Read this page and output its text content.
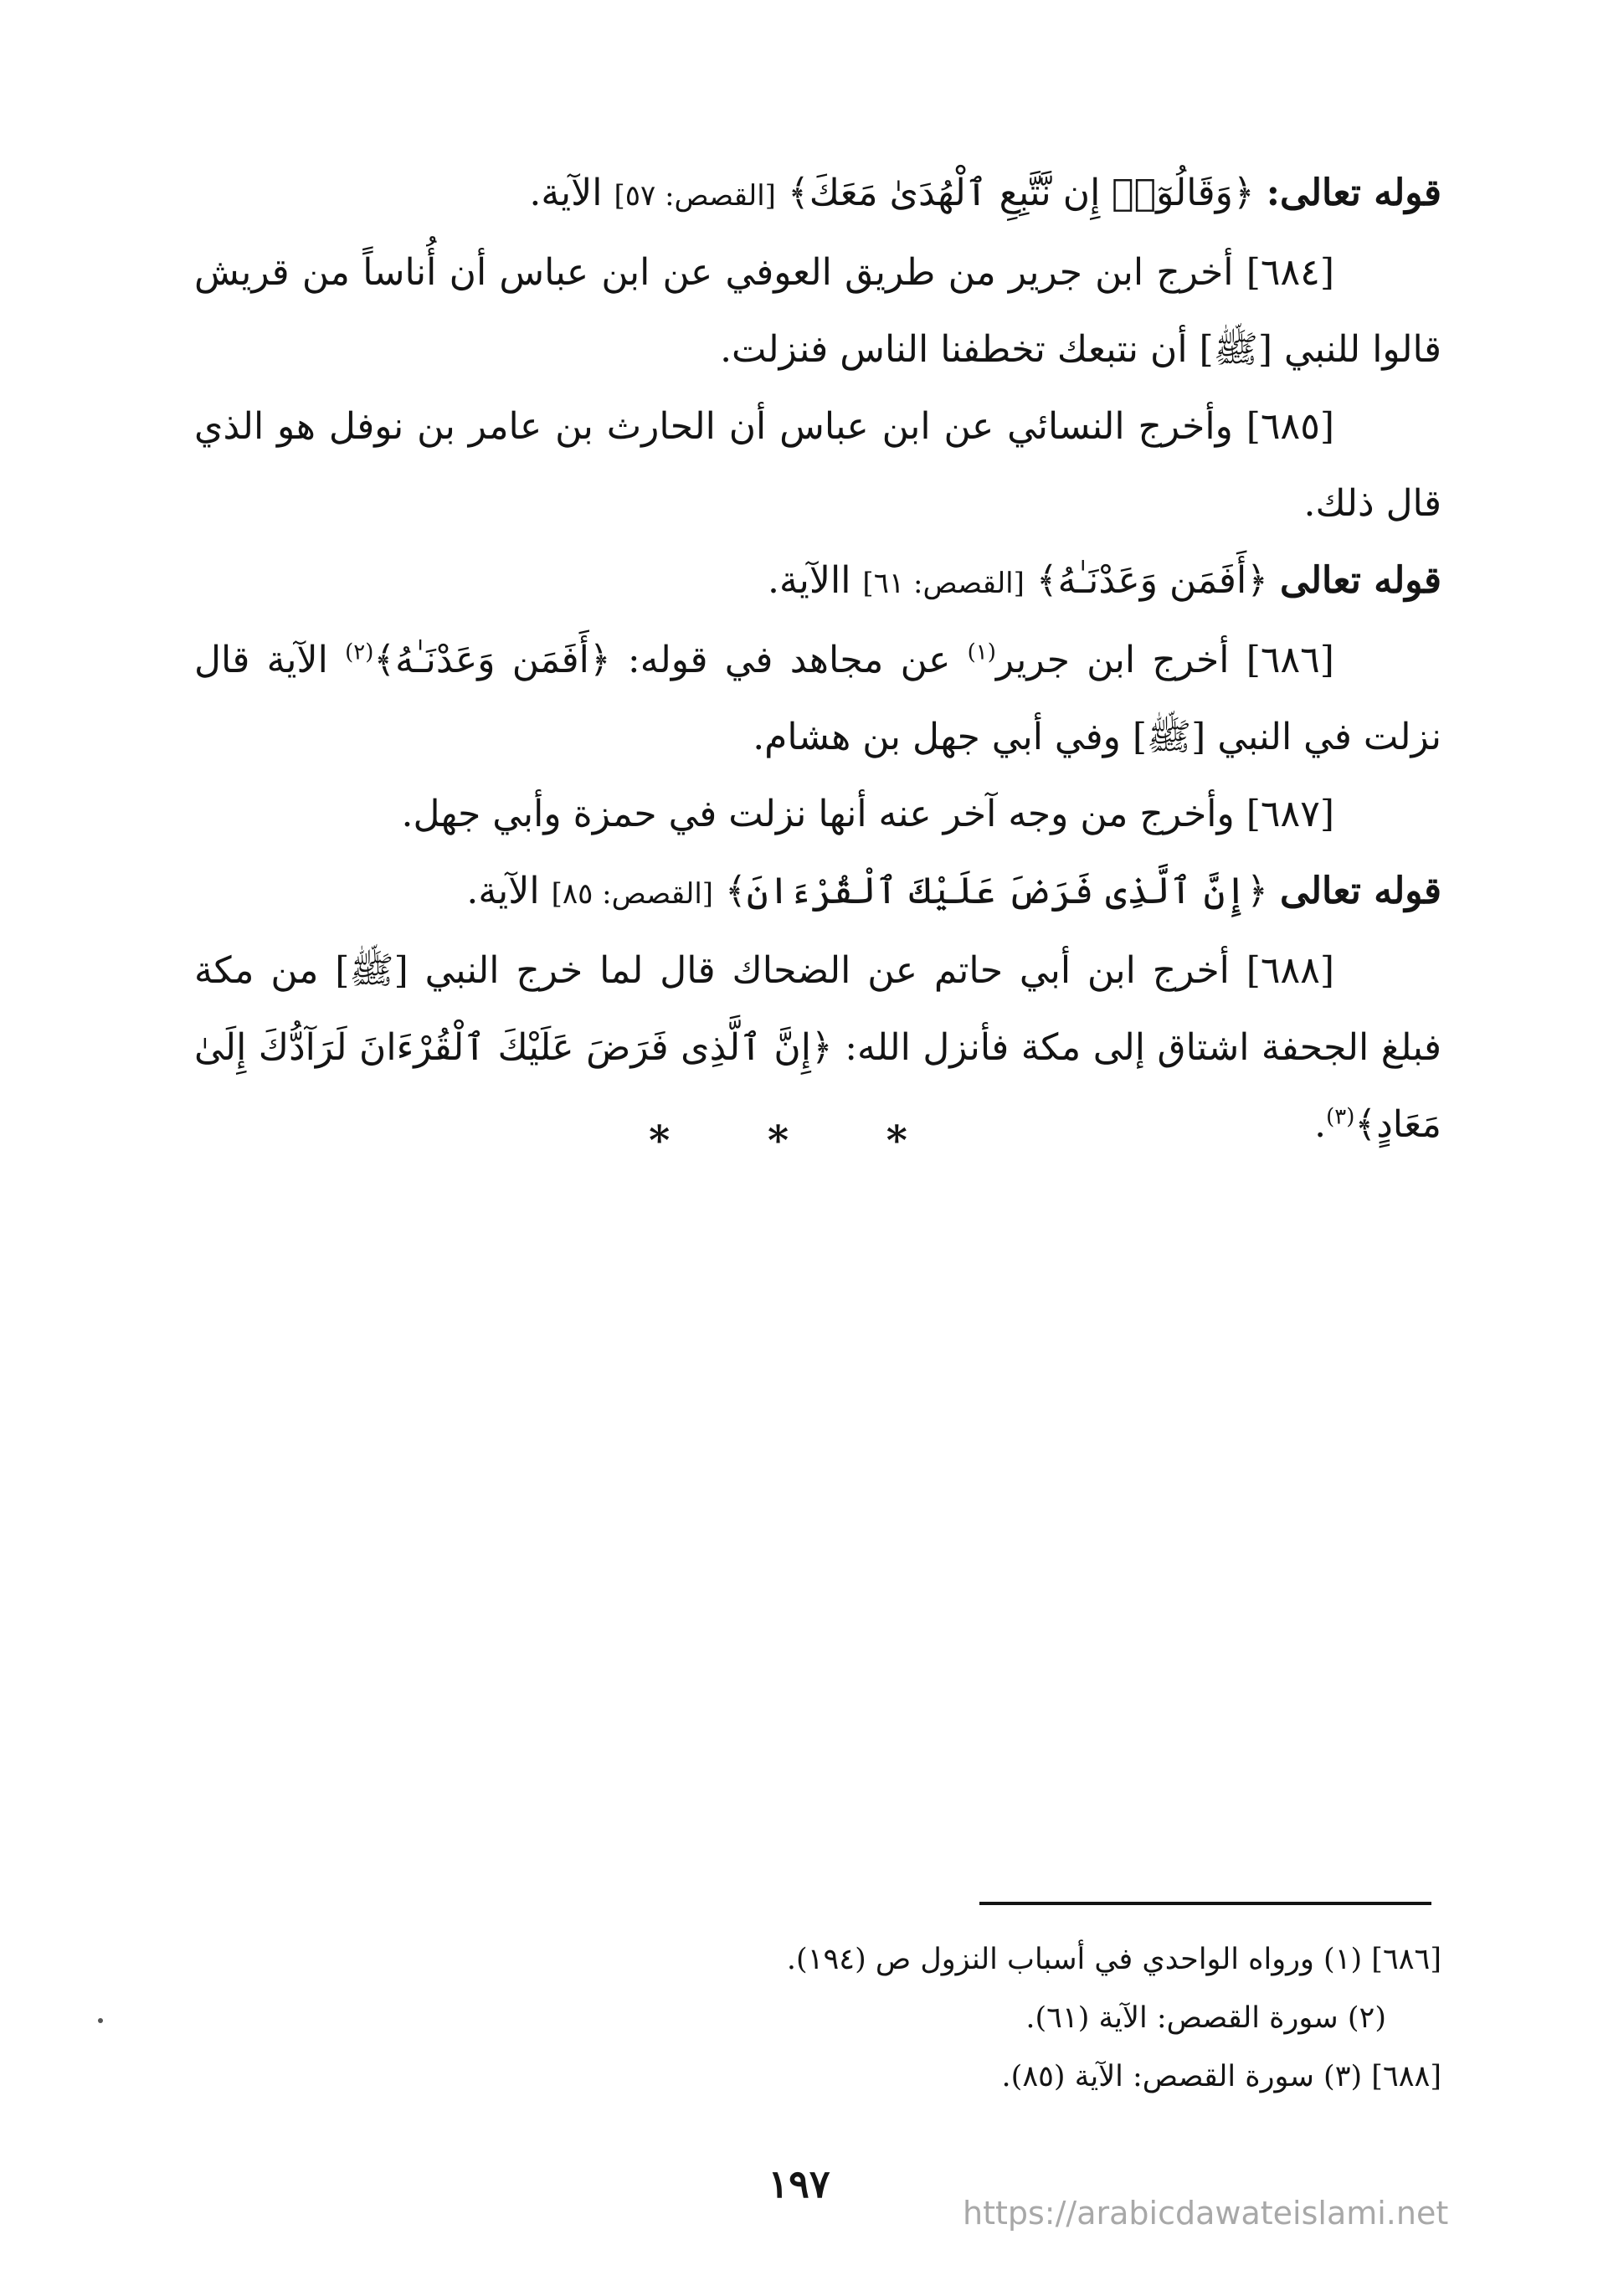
قوله تعالى: ﴿وَقَالُوٓا۟ إِن نَّتَّبِعِ ٱلْهُدَىٰ مَعَكَ﴾ [القصص: ٥٧] الآية.

[٦٨٤] أخرج ابن جرير من طريق العوفي عن ابن عباس أن أُناساً من قريش قالوا للنبي [ﷺ] أن نتبعك تخطفنا الناس فنزلت.

[٦٨٥] وأخرج النسائي عن ابن عباس أن الحارث بن عامر بن نوفل هو الذي قال ذلك.

قوله تعالى ﴿أَفَمَن وَعَدْنَـٰهُ﴾ [القصص: ٦١] االآية.

[٦٨٦] أخرج ابن جرير$^{(١)}$ عن مجاهد في قوله: ﴿أَفَمَن وَعَدْنَـٰهُ﴾$^{(٢)}$ الآية قال نزلت في النبي [ﷺ] وفي أبي جهل بن هشام.

[٦٨٧] وأخرج من وجه آخر عنه أنها نزلت في حمزة وأبي جهل.

قوله تعالى ﴿إِنَّ ٱلَّذِى فَرَضَ عَلَيْكَ ٱلْقُرْءَانَ﴾ [القصص: ٨٥] الآية.

[٦٨٨] أخرج ابن أبي حاتم عن الضحاك قال لما خرج النبي [ﷺ] من مكة فبلغ الجحفة اشتاق إلى مكة فأنزل الله: ﴿إِنَّ ٱلَّذِى فَرَضَ عَلَيْكَ ٱلْقُرْءَانَ لَرَآدُّكَ إِلَىٰ مَعَادٍ﴾$^{(٣)}$.

* * *

[٦٨٦] (١) ورواه الواحدي في أسباب النزول ص (١٩٤).

(٢) سورة القصص: الآية (٦١).

[٦٨٨] (٣) سورة القصص: الآية (٨٥).

١٩٧
https://arabicdawateislami.net
